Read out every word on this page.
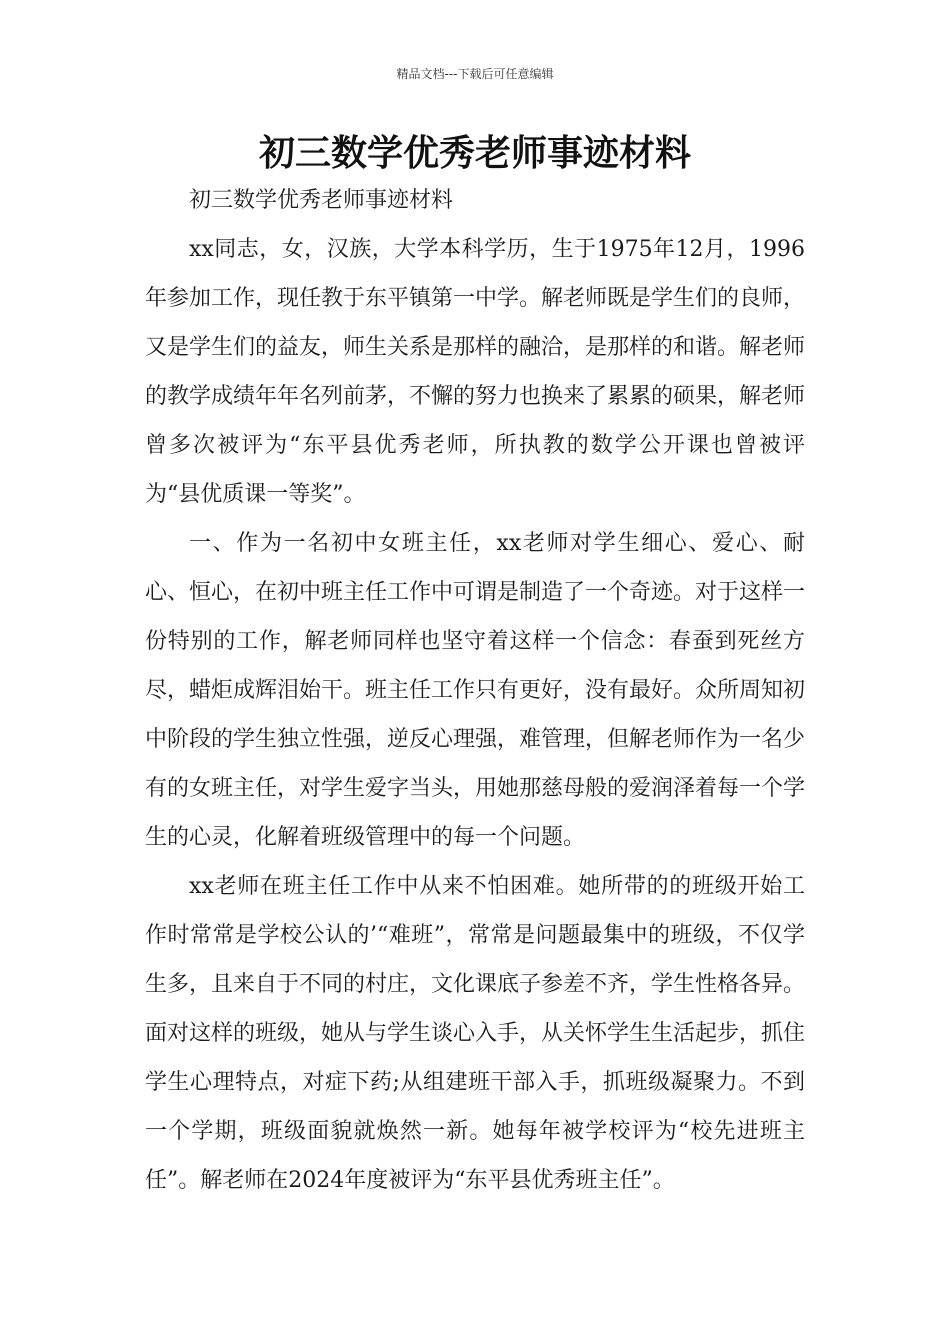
精品文档---下载后可任意编辑
初三数学优秀老师事迹材料

初三数学优秀老师事迹材料

xx同志，女，汉族，大学本科学历，生于1975年12月，1996年参加工作，现任教于东平镇第一中学。解老师既是学生们的良师，又是学生们的益友，师生关系是那样的融洽，是那样的和谐。解老师的教学成绩年年名列前茅，不懈的努力也换来了累累的硕果，解老师曾多次被评为“东平县优秀老师，所执教的数学公开课也曾被评为“县优质课一等奖”。

一、作为一名初中女班主任，xx老师对学生细心、爱心、耐心、恒心，在初中班主任工作中可谓是制造了一个奇迹。对于这样一份特别的工作，解老师同样也坚守着这样一个信念：春蚕到死丝方尽，蜡炬成辉泪始干。班主任工作只有更好，没有最好。众所周知初中阶段的学生独立性强，逆反心理强，难管理，但解老师作为一名少有的女班主任，对学生爱字当头，用她那慈母般的爱润泽着每一个学生的心灵，化解着班级管理中的每一个问题。

xx老师在班主任工作中从来不怕困难。她所带的的班级开始工作时常常是学校公认的’“难班”，常常是问题最集中的班级，不仅学生多，且来自于不同的村庄，文化课底子参差不齐，学生性格各异。面对这样的班级，她从与学生谈心入手，从关怀学生生活起步，抓住学生心理特点，对症下药;从组建班干部入手，抓班级凝聚力。不到一个学期，班级面貌就焕然一新。她每年被学校评为“校先进班主任”。解老师在2024年度被评为“东平县优秀班主任”。
